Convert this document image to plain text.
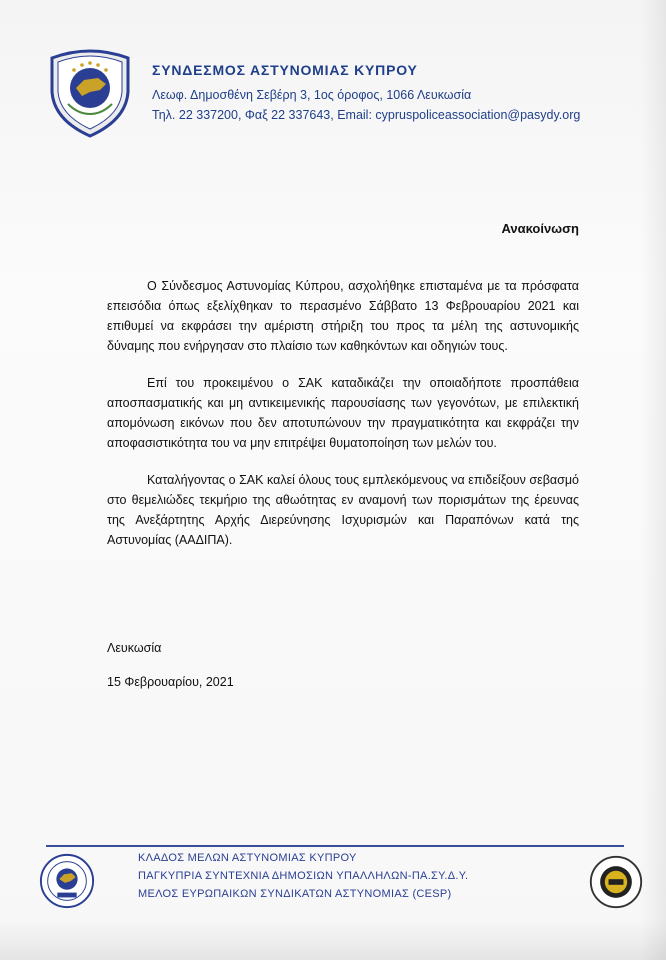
ΣΥΝΔΕΣΜΟΣ ΑΣΤΥΝΟΜΙΑΣ ΚΥΠΡΟΥ
Λεωφ. Δημοσθένη Σεβέρη 3, 1ος όροφος, 1066 Λευκωσία
Τηλ. 22 337200, Φαξ 22 337643, Email: cypruspoliceassociation@pasydy.org
Ανακοίνωση

Ο Σύνδεσμος Αστυνομίας Κύπρου, ασχολήθηκε επισταμένα με τα πρόσφατα επεισόδια όπως εξελίχθηκαν το περασμένο Σάββατο 13 Φεβρουαρίου 2021 και επιθυμεί να εκφράσει την αμέριστη στήριξη του προς τα μέλη της αστυνομικής δύναμης που ενήργησαν στο πλαίσιο των καθηκόντων και οδηγιών τους.

Επί του προκειμένου ο ΣΑΚ καταδικάζει την οποιαδήποτε προσπάθεια αποσπασματικής και μη αντικειμενικής παρουσίασης των γεγονότων, με επιλεκτική απομόνωση εικόνων που δεν αποτυπώνουν την πραγματικότητα και εκφράζει την αποφασιστικότητα του να μην επιτρέψει θυματοποίηση των μελών του.

Καταλήγοντας ο ΣΑΚ καλεί όλους τους εμπλεκόμενους να επιδείξουν σεβασμό στο θεμελιώδες τεκμήριο της αθωότητας εν αναμονή των πορισμάτων της έρευνας της Ανεξάρτητης Αρχής Διερεύνησης Ισχυρισμών και Παραπόνων κατά της Αστυνομίας (ΑΑΔΙΠΑ).

Λευκωσία
15 Φεβρουαρίου, 2021
ΚΛΑΔΟΣ ΜΕΛΩΝ ΑΣΤΥΝΟΜΙΑΣ ΚΥΠΡΟΥ
ΠΑΓΚΥΠΡΙΑ ΣΥΝΤΕΧΝΙΑ ΔΗΜΟΣΙΩΝ ΥΠΑΛΛΗΛΩΝ-ΠΑ.ΣΥ.Δ.Υ.
ΜΕΛΟΣ ΕΥΡΩΠΑΙΚΩΝ ΣΥΝΔΙΚΑΤΩΝ ΑΣΤΥΝΟΜΙΑΣ (CESP)
